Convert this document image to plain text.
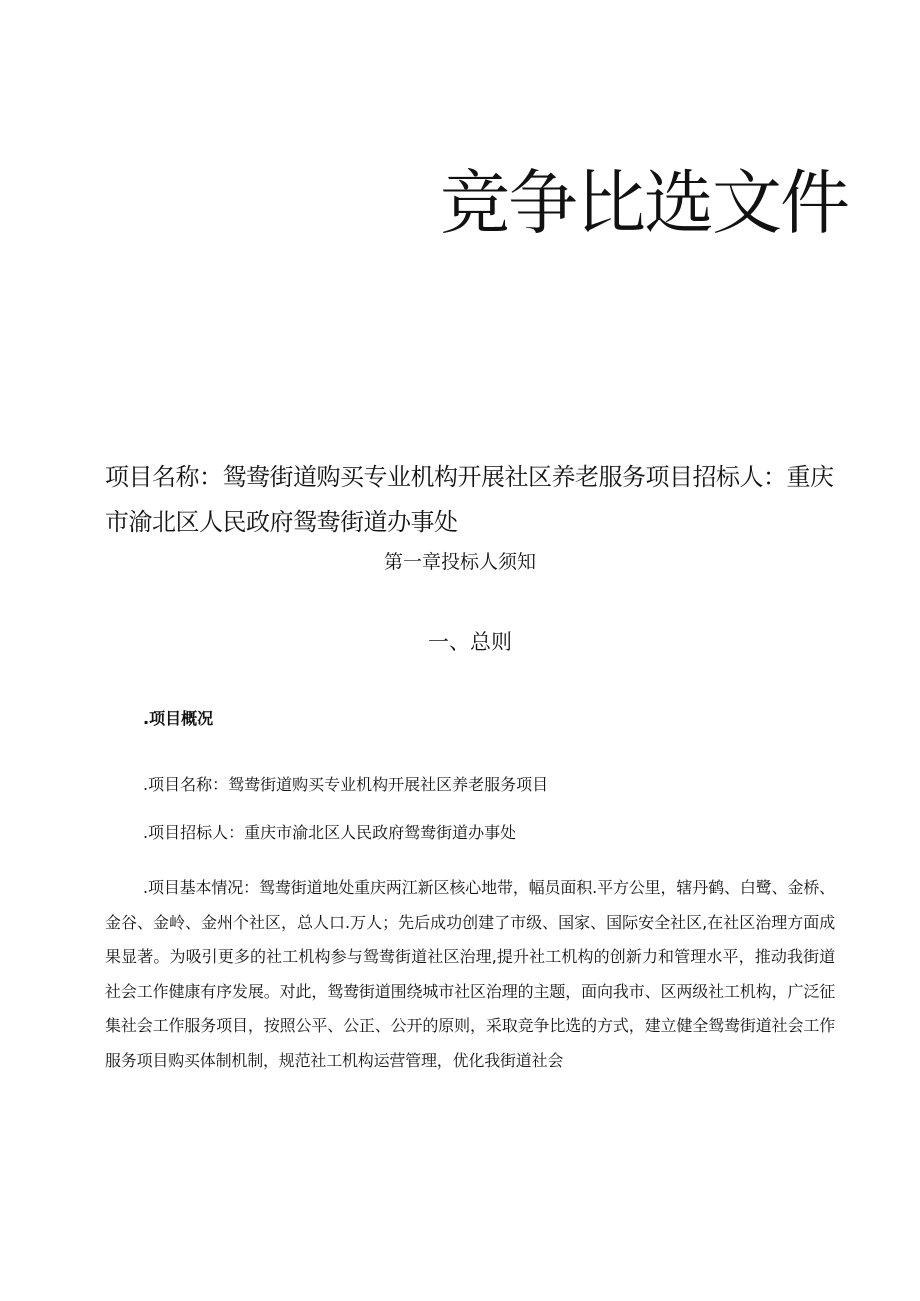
竞争比选文件

项目名称：鸳鸯街道购买专业机构开展社区养老服务项目招标人：重庆市渝北区人民政府鸳鸯街道办事处

第一章投标人须知

一、总则

.项目概况

.项目名称：鸳鸯街道购买专业机构开展社区养老服务项目

.项目招标人：重庆市渝北区人民政府鸳鸯街道办事处

.项目基本情况：鸳鸯街道地处重庆两江新区核心地带，幅员面积.平方公里，辖丹鹤、白鹭、金桥、金谷、金岭、金州个社区，总人口.万人；先后成功创建了市级、国家、国际安全社区,在社区治理方面成果显著。为吸引更多的社工机构参与鸳鸯街道社区治理,提升社工机构的创新力和管理水平，推动我街道社会工作健康有序发展。对此，鸳鸯街道围绕城市社区治理的主题，面向我市、区两级社工机构，广泛征集社会工作服务项目，按照公平、公正、公开的原则，采取竞争比选的方式，建立健全鸳鸯街道社会工作服务项目购买体制机制，规范社工机构运营管理，优化我街道社会
